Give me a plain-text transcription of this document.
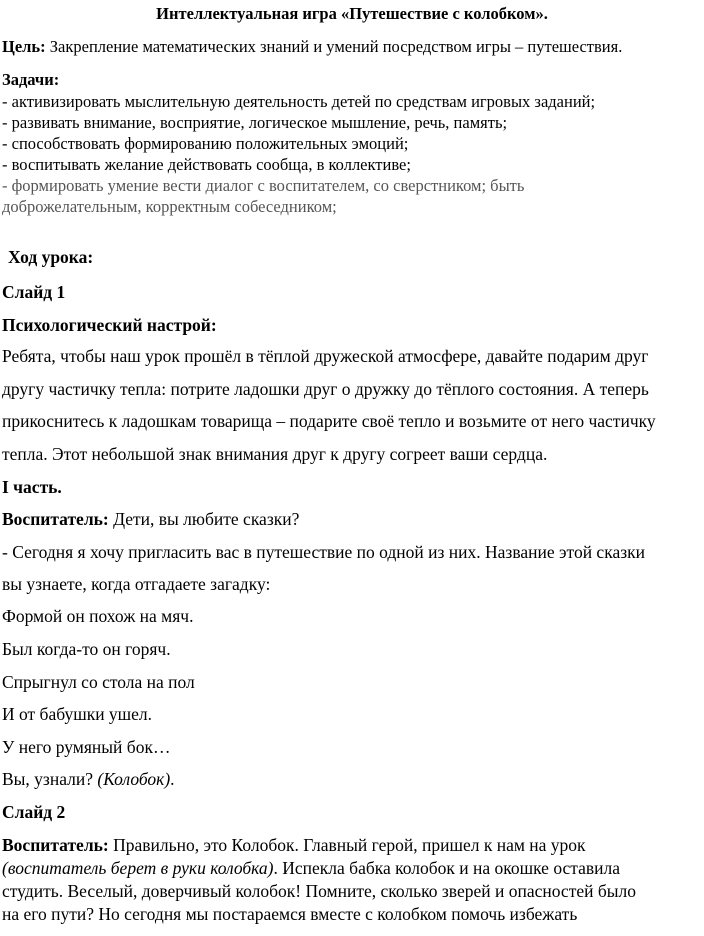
Интеллектуальная игра «Путешествие с колобком».
Цель: Закрепление математических знаний и умений посредством игры – путешествия.
Задачи:
- активизировать мыслительную деятельность детей по средствам игровых заданий;
- развивать внимание, восприятие, логическое мышление, речь, память;
- способствовать формированию положительных эмоций;
- воспитывать желание действовать сообща, в коллективе;
- формировать умение вести диалог с воспитателем, со сверстником; быть
доброжелательным, корректным собеседником;
Ход урока:
Слайд 1
Психологический настрой:
Ребята, чтобы наш урок прошёл в тёплой дружеской атмосфере, давайте подарим друг
другу частичку тепла: потрите ладошки друг о дружку до тёплого состояния. А теперь
прикоснитесь к ладошкам товарища – подарите своё тепло и возьмите от него частичку
тепла. Этот небольшой знак внимания друг к другу согреет ваши сердца.
I часть.
Воспитатель: Дети, вы любите сказки?
- Сегодня я хочу пригласить вас в путешествие по одной из них. Название этой сказки
вы узнаете, когда отгадаете загадку:
Формой он похож на мяч.
Был когда-то он горяч.
Спрыгнул со стола на пол
И от бабушки ушел.
У него румяный бок…
Вы, узнали? (Колобок).
Слайд 2
Воспитатель: Правильно, это Колобок. Главный герой, пришел к нам на урок
(воспитатель берет в руки колобка). Испекла бабка колобок и на окошке оставила
студить. Веселый, доверчивый колобок! Помните, сколько зверей и опасностей было
на его пути? Но сегодня мы постараемся вместе с колобком помочь избежать
